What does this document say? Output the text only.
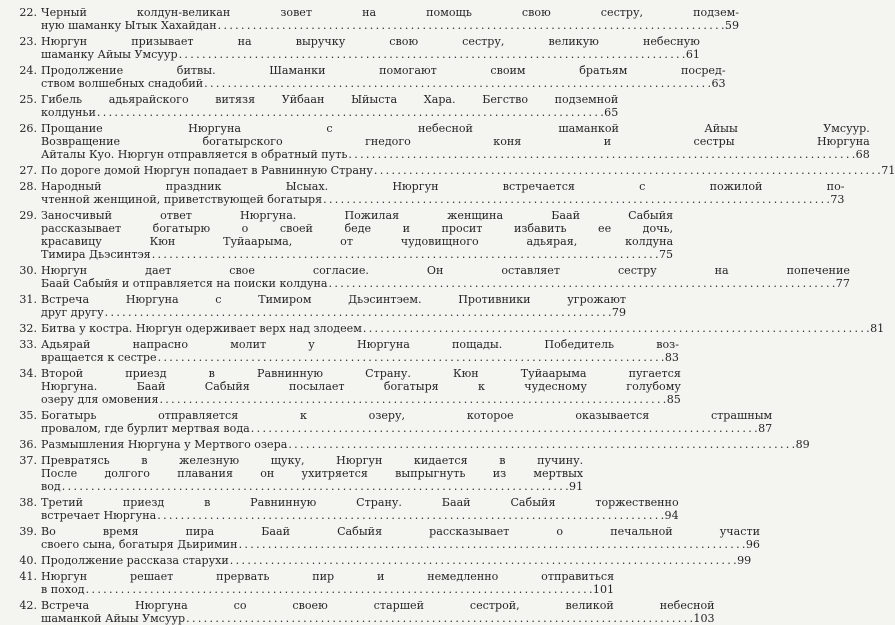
22. Черный колдун-великан зовет на помощь свою сестру, подзем-
ную шаманку Ытык Хахайдан . . .	59
23. Нюргун призывает на выручку свою сестру, великую небесную
шаманку Айыы Умсуур . . .	61
24. Продолжение битвы. Шаманки помогают своим братьям посред-
ством волшебных снадобий . . .	63
25. Гибель адьярайского витязя Уйбаан Ыйыста Хара. Бегство подземной
колдуньи . . .	65
26. Прощание Нюргуна с небесной шаманкой Айыы Умсуур.
Возвращение богатырского гнедого коня и сестры Нюргуна
Айталы Куо. Нюргун отправляется в обратный путь . . .	68
27. По дороге домой Нюргун попадает в Равнинную Страну . . .	71
28. Народный праздник Ысыах. Нюргун встречается с пожилой по-
чтенной женщиной, приветствующей богатыря . . .	73
29. Заносчивый ответ Нюргуна. Пожилая женщина Баай Сабыйя
рассказывает богатырю о своей беде и просит избавить ее дочь,
красавицу Кюн Туйаарыма, от чудовищного адьярая, колдуна
Тимира Дьэсинтэя . . .	75
30. Нюргун дает свое согласие. Он оставляет сестру на попечение
Баай Сабыйя и отправляется на поиски колдуна . . .	77
31. Встреча Нюргуна с Тимиром Дьэсинтэем. Противники угрожают
друг другу . . .	79
32. Битва у костра. Нюргун одерживает верх над злодеем . . .	81
33. Адьярай напрасно молит у Нюргуна пощады. Победитель воз-
вращается к сестре . . .	83
34. Второй приезд в Равнинную Страну. Кюн Туйаарыма пугается
Нюргуна. Баай Сабыйя посылает богатыря к чудесному голубому
озеру для омовения . . .	85
35. Богатырь отправляется к озеру, которое оказывается страшным
провалом, где бурлит мертвая вода . . .	87
36. Размышления Нюргуна у Мертвого озера . . .	89
37. Превратясь в железную щуку, Нюргун кидается в пучину.
После долгого плавания он ухитряется выпрыгнуть из мертвых
вод . . .	91
38. Третий приезд в Равнинную Страну. Баай Сабыйя торжественно
встречает Нюргуна . . .	94
39. Во время пира Баай Сабыйя рассказывает о печальной участи
своего сына, богатыря Дьиримин . . .	96
40. Продолжение рассказа старухи . . .	99
41. Нюргун решает прервать пир и немедленно отправиться
в поход . . .	101
42. Встреча Нюргуна со своею старшей сестрой, великой небесной
шаманкой Айыы Умсуур . . .	103
